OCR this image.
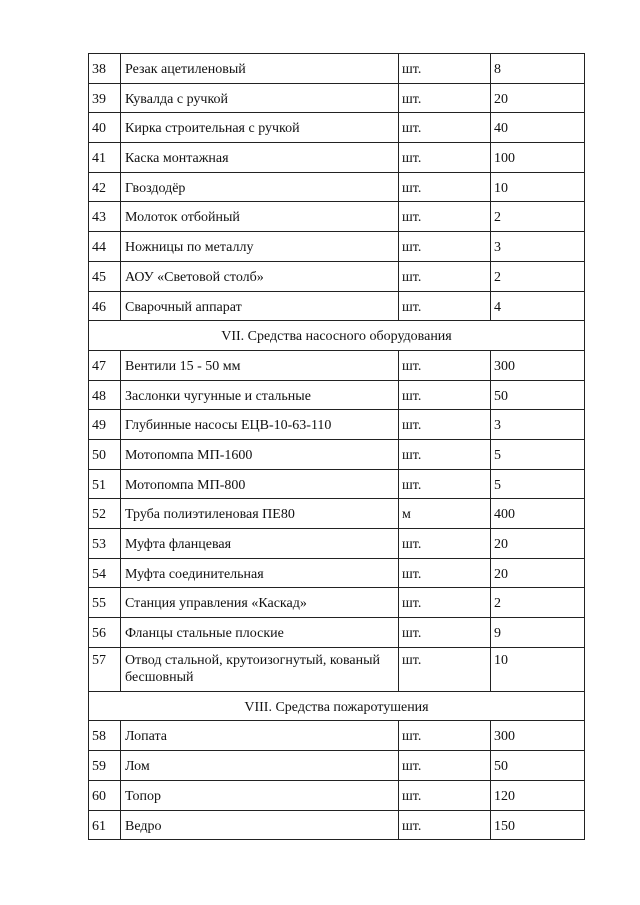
38	Резак ацетиленовый	шт.	8
39	Кувалда с ручкой	шт.	20
40	Кирка строительная с ручкой	шт.	40
41	Каска монтажная	шт.	100
42	Гвоздодёр	шт.	10
43	Молоток отбойный	шт.	2
44	Ножницы по металлу	шт.	3
45	АОУ «Световой столб»	шт.	2
46	Сварочный аппарат	шт.	4
VII. Средства насосного оборудования			
47	Вентили 15 - 50 мм	шт.	300
48	Заслонки чугунные и стальные	шт.	50
49	Глубинные насосы ЕЦВ-10-63-110	шт.	3
50	Мотопомпа МП-1600	шт.	5
51	Мотопомпа МП-800	шт.	5
52	Труба полиэтиленовая ПЕ80	м	400
53	Муфта фланцевая	шт.	20
54	Муфта соединительная	шт.	20
55	Станция управления «Каскад»	шт.	2
56	Фланцы стальные плоские	шт.	9
57	Отвод стальной, крутоизогнутый, кованый бесшовный	шт.	10
VIII. Средства пожаротушения			
58	Лопата	шт.	300
59	Лом	шт.	50
60	Топор	шт.	120
61	Ведро	шт.	150
